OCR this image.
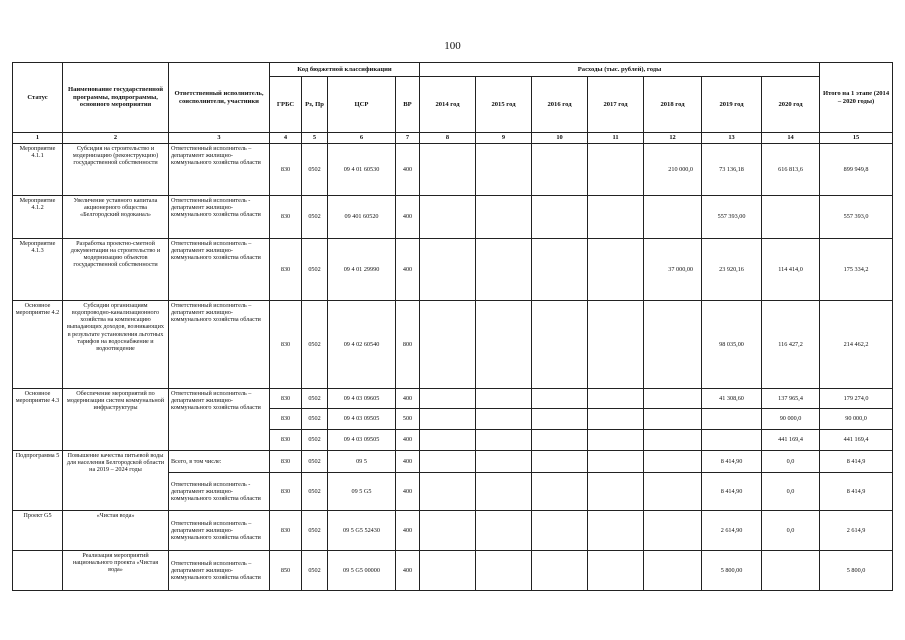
100
Статус	Наименование государственной программы, подпрограммы, основного мероприятия	Ответственный исполнитель, соисполнители, участники	Код бюджетной классификации				Расходы (тыс. рублей), годы							Итого на 1 этапе (2014 – 2020 годы)
			ГРБС	Рз, Пр	ЦСР	ВР	2014 год	2015 год	2016 год	2017 год	2018 год	2019 год	2020 год	
1	2	3	4	5	6	7	8	9	10	11	12	13	14	15
Мероприятие 4.1.1	Субсидия на строительство и модернизацию (реконструкцию) государственной собственности	Ответственный исполнитель – департамент жилищно-коммунального хозяйства области	830	0502	09 4 01 60530	400					210 000,0	73 136,18	616 813,6	899 949,8
Мероприятие 4.1.2	Увеличение уставного капитала акционерного общества «Белгородский водоканал»	Ответственный исполнитель - департамент жилищно-коммунального хозяйства области	830	0502	09 401 60520	400						557 393,00		557 393,0
Мероприятие 4.1.3	Разработка проектно-сметной документации на строительство и модернизацию объектов государственной собственности	Ответственный исполнитель – департамент жилищно-коммунального хозяйства области	830	0502	09 4 01 29990	400					37 000,00	23 920,16	114 414,0	175 334,2
Основное мероприятие 4.2	Субсидии организациям водопроводно-канализационного хозяйства на компенсацию выпадающих доходов, возникающих в результате установления льготных тарифов на водоснабжение и водоотведение	Ответственный исполнитель – департамент жилищно-коммунального хозяйства области	830	0502	09 4 02 60540	800						98 035,00	116 427,2	214 462,2
Основное мероприятие 4.3	Обеспечение мероприятий по модернизации систем коммунальной инфраструктуры	Ответственный исполнитель – департамент жилищно-коммунального хозяйства области	830	0502	09 4 03 09605	400						41 308,60	137 965,4	179 274,0
			830	0502	09 4 03 09505	500							90 000,0	90 000,0
			830	0502	09 4 03 09505	400							441 169,4	441 169,4
Подпрограмма 5	Повышение качества питьевой воды для населения Белгородской области на 2019 – 2024 годы	Всего, в том числе:	830	0502	09 5	400						8 414,90	0,0	8 414,9
		Ответственный исполнитель - департамент жилищно-коммунального хозяйства области	830	0502	09 5 G5	400						8 414,90	0,0	8 414,9
Проект G5	«Чистая вода»	Ответственный исполнитель – департамент жилищно-коммунального хозяйства области	830	0502	09 5 G5 52430	400						2 614,90	0,0	2 614,9
	Реализация мероприятий национального проекта «Чистая вода»	Ответственный исполнитель – департамент жилищно-коммунального хозяйства области	850	0502	09 5 G5 00000	400						5 800,00		5 800,0
